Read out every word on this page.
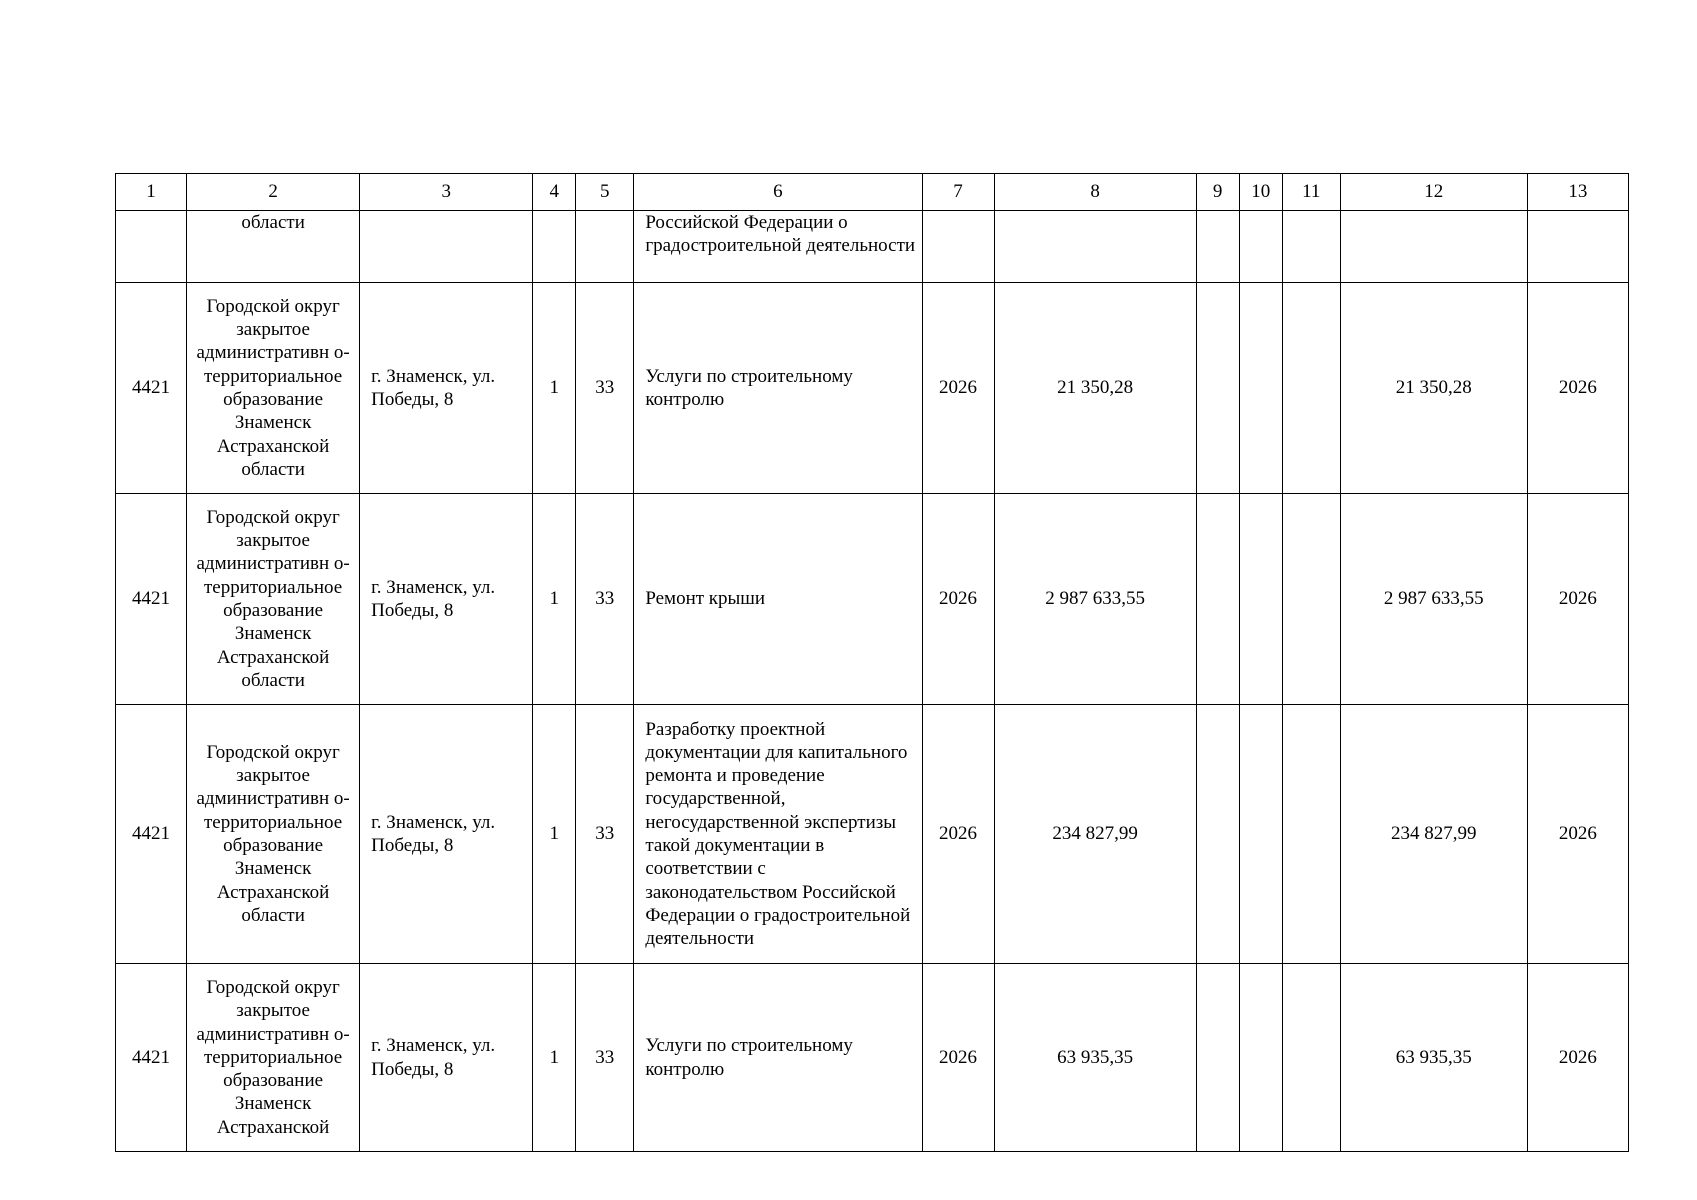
1	2	3	4	5	6	7	8	9	10	11	12	13
	области				Российской Федерации о градостроительной деятельности							
4421	Городской округ закрытое административн о- территориальное образование Знаменск Астраханской области	г. Знаменск, ул. Победы, 8	1	33	Услуги по строительному контролю	2026	21 350,28				21 350,28	2026
4421	Городской округ закрытое административн о- территориальное образование Знаменск Астраханской области	г. Знаменск, ул. Победы, 8	1	33	Ремонт крыши	2026	2 987 633,55				2 987 633,55	2026
4421	Городской округ закрытое административн о- территориальное образование Знаменск Астраханской области	г. Знаменск, ул. Победы, 8	1	33	Разработку проектной документации для капитального ремонта и проведение государственной, негосударственной экспертизы такой документации в соответствии с законодательством Российской Федерации о градостроительной деятельности	2026	234 827,99				234 827,99	2026
4421	Городской округ закрытое административн о- территориальное образование Знаменск Астраханской	г. Знаменск, ул. Победы, 8	1	33	Услуги по строительному контролю	2026	63 935,35				63 935,35	2026
